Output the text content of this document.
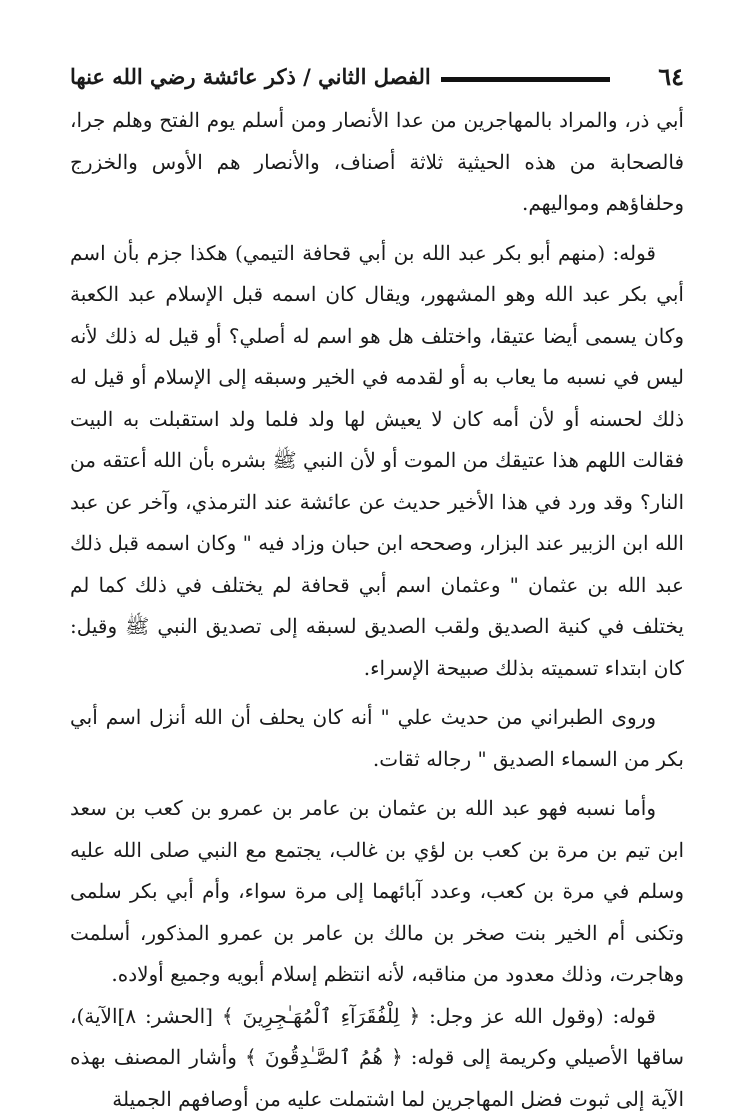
٦٤
الفصل الثاني / ذكر عائشة رضي الله عنها

أبي ذر، والمراد بالمهاجرين من عدا الأنصار ومن أسلم يوم الفتح وهلم جرا، فالصحابة من هذه الحيثية ثلاثة أصناف، والأنصار هم الأوس والخزرج وحلفاؤهم ومواليهم.

قوله: (منهم أبو بكر عبد الله بن أبي قحافة التيمي) هكذا جزم بأن اسم أبي بكر عبد الله وهو المشهور، ويقال كان اسمه قبل الإسلام عبد الكعبة وكان يسمى أيضا عتيقا، واختلف هل هو اسم له أصلي؟ أو قيل له ذلك لأنه ليس في نسبه ما يعاب به أو لقدمه في الخير وسبقه إلى الإسلام أو قيل له ذلك لحسنه أو لأن أمه كان لا يعيش لها ولد فلما ولد استقبلت به البيت فقالت اللهم هذا عتيقك من الموت أو لأن النبي ﷺ بشره بأن الله أعتقه من النار؟ وقد ورد في هذا الأخير حديث عن عائشة عند الترمذي، وآخر عن عبد الله ابن الزبير عند البزار، وصححه ابن حبان وزاد فيه " وكان اسمه قبل ذلك عبد الله بن عثمان " وعثمان اسم أبي قحافة لم يختلف في ذلك كما لم يختلف في كنية الصديق ولقب الصديق لسبقه إلى تصديق النبي ﷺ وقيل: كان ابتداء تسميته بذلك صبيحة الإسراء.

وروى الطبراني من حديث علي " أنه كان يحلف أن الله أنزل اسم أبي بكر من السماء الصديق " رجاله ثقات.

وأما نسبه فهو عبد الله بن عثمان بن عامر بن عمرو بن كعب بن سعد ابن تيم بن مرة بن كعب بن لؤي بن غالب، يجتمع مع النبي صلى الله عليه وسلم في مرة بن كعب، وعدد آبائهما إلى مرة سواء، وأم أبي بكر سلمى وتكنى أم الخير بنت صخر بن مالك بن عامر بن عمرو المذكور، أسلمت وهاجرت، وذلك معدود من مناقبه، لأنه انتظم إسلام أبويه وجميع أولاده.

قوله: (وقول الله عز وجل: ﴿ لِلْفُقَرَآءِ ٱلْمُهَـٰجِرِينَ ﴾ [الحشر: ٨]الآية)، ساقها الأصيلي وكريمة إلى قوله: ﴿ هُمُ ٱلصَّـٰدِقُونَ ﴾ وأشار المصنف بهذه الآية إلى ثبوت فضل المهاجرين لما اشتملت عليه من أوصافهم الجميلة
